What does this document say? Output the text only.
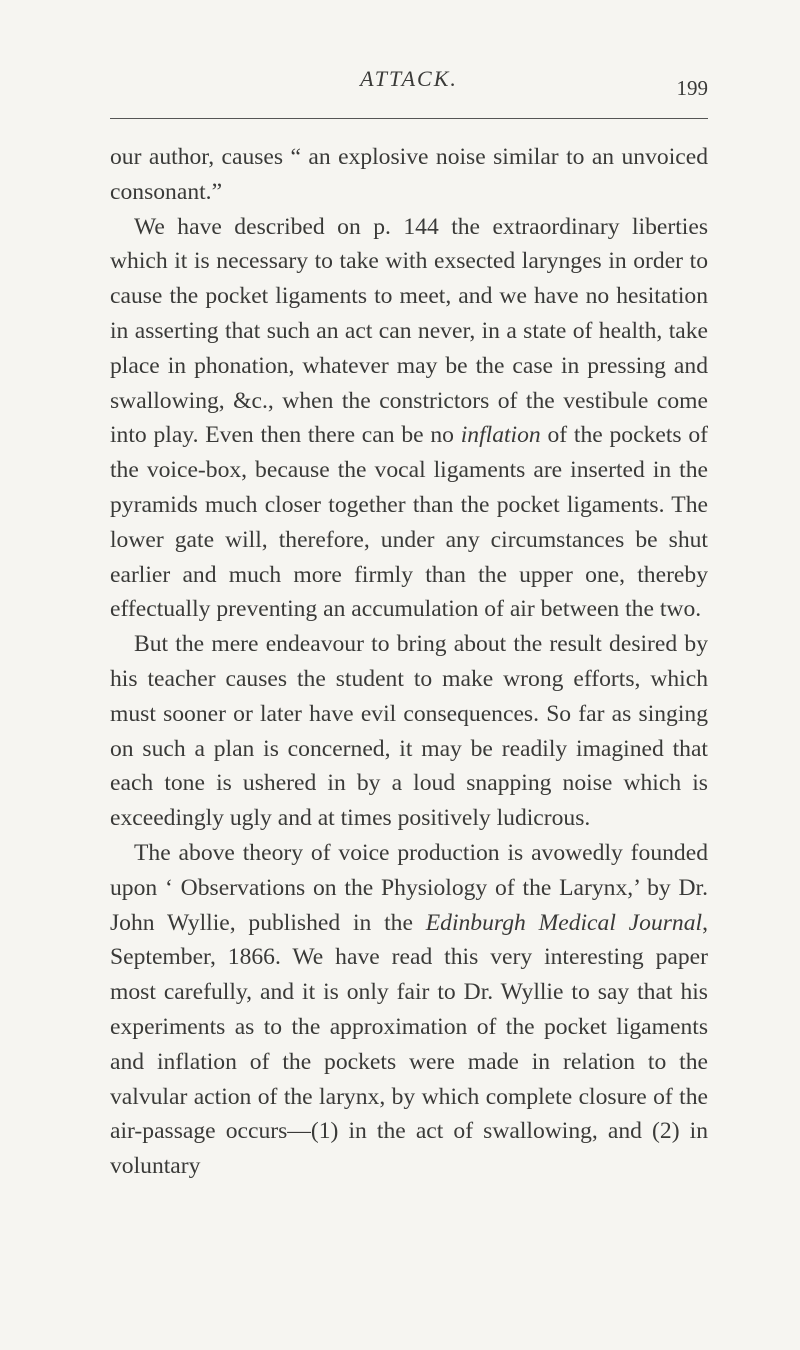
ATTACK.	199

our author, causes “ an explosive noise similar to an unvoiced consonant.”

We have described on p. 144 the extraordinary liberties which it is necessary to take with exsected larynges in order to cause the pocket ligaments to meet, and we have no hesitation in asserting that such an act can never, in a state of health, take place in phonation, whatever may be the case in pressing and swallowing, &c., when the constrictors of the vestibule come into play. Even then there can be no inflation of the pockets of the voice-box, because the vocal ligaments are inserted in the pyramids much closer together than the pocket ligaments. The lower gate will, therefore, under any circumstances be shut earlier and much more firmly than the upper one, thereby effectually preventing an accumulation of air between the two.

But the mere endeavour to bring about the result desired by his teacher causes the student to make wrong efforts, which must sooner or later have evil consequences. So far as singing on such a plan is concerned, it may be readily imagined that each tone is ushered in by a loud snapping noise which is exceedingly ugly and at times positively ludicrous.

The above theory of voice production is avowedly founded upon ‘ Observations on the Physiology of the Larynx,’ by Dr. John Wyllie, published in the Edinburgh Medical Journal, September, 1866. We have read this very interesting paper most carefully, and it is only fair to Dr. Wyllie to say that his experiments as to the approximation of the pocket ligaments and inflation of the pockets were made in relation to the valvular action of the larynx, by which complete closure of the air-passage occurs—(1) in the act of swallowing, and (2) in voluntary
